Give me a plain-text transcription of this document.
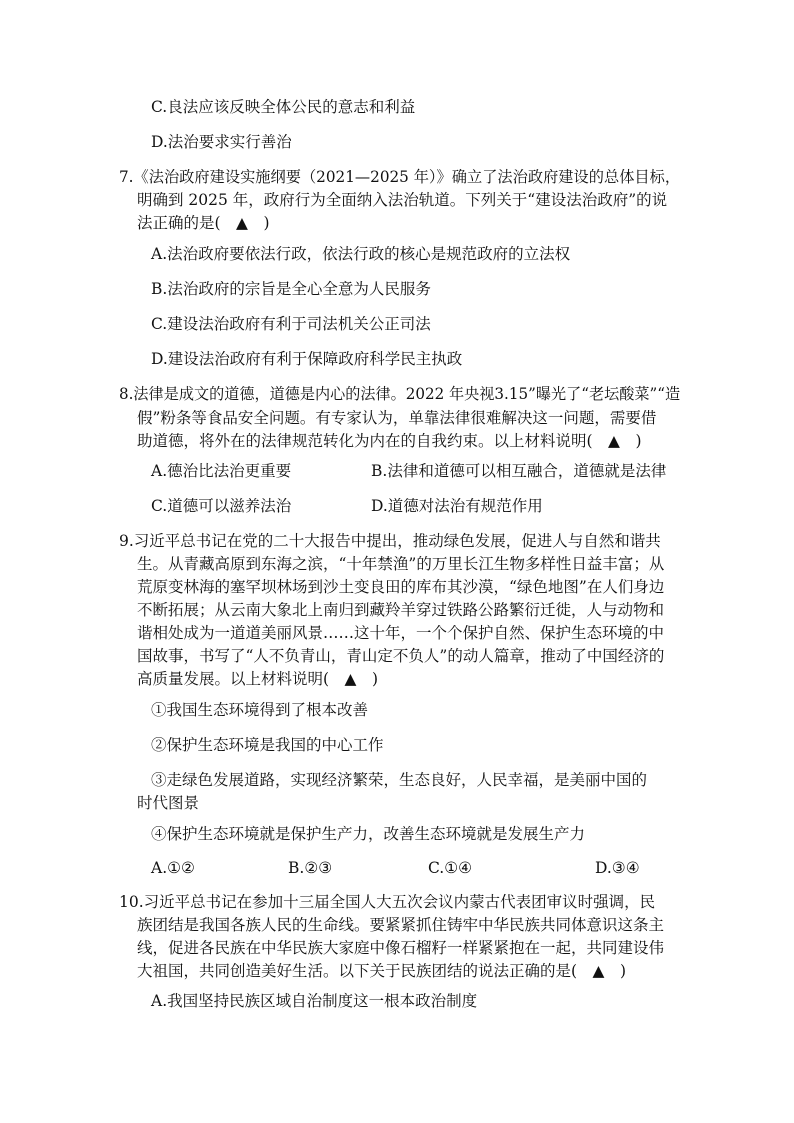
C.良法应该反映全体公民的意志和利益
D.法治要求实行善治
7.《法治政府建设实施纲要（2021—2025 年）》确立了法治政府建设的总体目标，
明确到 2025 年，政府行为全面纳入法治轨道。下列关于“建设法治政府”的说
法正确的是(　▲　)
A.法治政府要依法行政，依法行政的核心是规范政府的立法权
B.法治政府的宗旨是全心全意为人民服务
C.建设法治政府有利于司法机关公正司法
D.建设法治政府有利于保障政府科学民主执政
8.法律是成文的道德，道德是内心的法律。2022 年央视3.15”曝光了“老坛酸菜”“造
假”粉条等食品安全问题。有专家认为，单靠法律很难解决这一问题，需要借
助道德，将外在的法律规范转化为内在的自我约束。以上材料说明(　▲　)
A.德治比法治更重要	B.法律和道德可以相互融合，道德就是法律
C.道德可以滋养法治	D.道德对法治有规范作用
9.习近平总书记在党的二十大报告中提出，推动绿色发展，促进人与自然和谐共
生。从青藏高原到东海之滨，“十年禁渔”的万里长江生物多样性日益丰富；从
荒原变林海的塞罕坝林场到沙土变良田的库布其沙漠，“绿色地图”在人们身边
不断拓展；从云南大象北上南归到藏羚羊穿过铁路公路繁衍迁徙，人与动物和
谐相处成为一道道美丽风景……这十年，一个个保护自然、保护生态环境的中
国故事，书写了“人不负青山，青山定不负人”的动人篇章，推动了中国经济的
高质量发展。以上材料说明(　▲　)
①我国生态环境得到了根本改善
②保护生态环境是我国的中心工作
③走绿色发展道路，实现经济繁荣，生态良好，人民幸福，是美丽中国的
时代图景
④保护生态环境就是保护生产力，改善生态环境就是发展生产力
A.①②	B.②③	C.①④	D.③④
10.习近平总书记在参加十三届全国人大五次会议内蒙古代表团审议时强调，民
族团结是我国各族人民的生命线。要紧紧抓住铸牢中华民族共同体意识这条主
线，促进各民族在中华民族大家庭中像石榴籽一样紧紧抱在一起，共同建设伟
大祖国，共同创造美好生活。以下关于民族团结的说法正确的是(　▲　)
A.我国坚持民族区域自治制度这一根本政治制度
